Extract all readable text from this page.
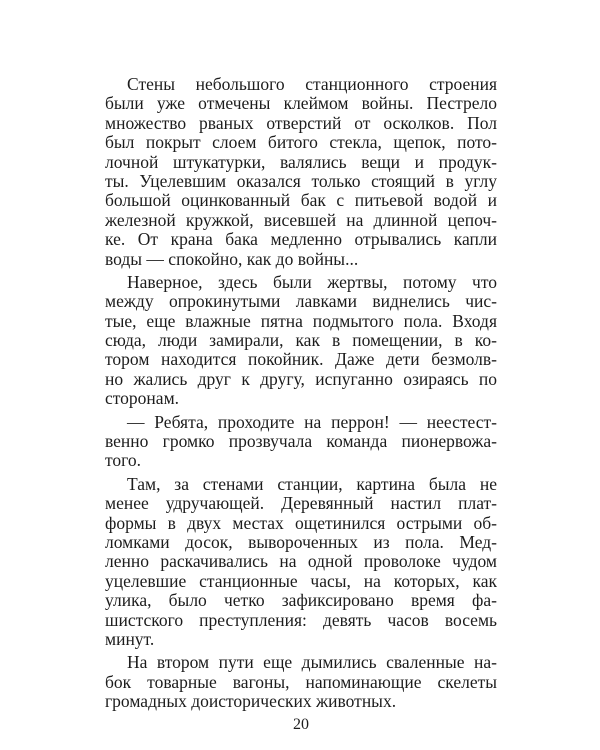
Стены небольшого станционного строения
были уже отмечены клеймом войны. Пестрело
множество рваных отверстий от осколков. Пол
был покрыт слоем битого стекла, щепок, пото-
лочной штукатурки, валялись вещи и продук-
ты. Уцелевшим оказался только стоящий в углу
большой оцинкованный бак с питьевой водой и
железной кружкой, висевшей на длинной цепоч-
ке. От крана бака медленно отрывались капли
воды — спокойно, как до войны...

Наверное, здесь были жертвы, потому что
между опрокинутыми лавками виднелись чис-
тые, еще влажные пятна подмытого пола. Входя
сюда, люди замирали, как в помещении, в ко-
тором находится покойник. Даже дети безмолв-
но жались друг к другу, испуганно озираясь по
сторонам.

— Ребята, проходите на перрон! — неестест-
венно громко прозвучала команда пионервожа-
того.

Там, за стенами станции, картина была не
менее удручающей. Деревянный настил плат-
формы в двух местах ощетинился острыми об-
ломками досок, вывороченных из пола. Мед-
ленно раскачивались на одной проволоке чудом
уцелевшие станционные часы, на которых, как
улика, было четко зафиксировано время фа-
шистского преступления: девять часов восемь
минут.

На втором пути еще дымились сваленные на-
бок товарные вагоны, напоминающие скелеты
громадных доисторических животных.

20
